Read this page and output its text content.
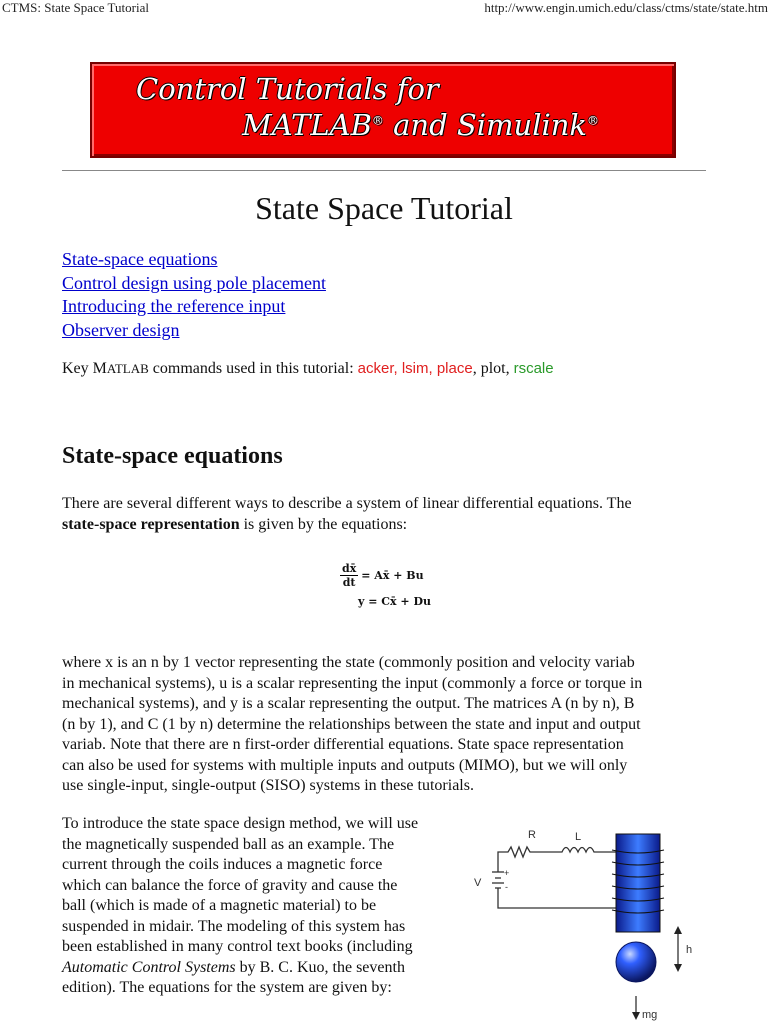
CTMS: State Space Tutorial	http://www.engin.umich.edu/class/ctms/state/state.htm
Control Tutorials for
MATLAB® and Simulink®
State Space Tutorial
State-space equations
Control design using pole placement
Introducing the reference input
Observer design
Key MATLAB commands used in this tutorial: acker, lsim, place, plot, rscale
State-space equations
There are several different ways to describe a system of linear differential equations. The
state-space representation is given by the equations:
$\frac{dx̄}{dt}$ = Ax̄ + Bu
y = Cx̄ + Du
where x is an n by 1 vector representing the state (commonly position and velocity variab
in mechanical systems), u is a scalar representing the input (commonly a force or torque in
mechanical systems), and y is a scalar representing the output. The matrices A (n by n), B
(n by 1), and C (1 by n) determine the relationships between the state and input and output
variab. Note that there are n first-order differential equations. State space representation
can also be used for systems with multiple inputs and outputs (MIMO), but we will only
use single-input, single-output (SISO) systems in these tutorials.
To introduce the state space design method, we will use
the magnetically suspended ball as an example. The
current through the coils induces a magnetic force
which can balance the force of gravity and cause the
ball (which is made of a magnetic material) to be
suspended in midair. The modeling of this system has
been established in many control text books (including
Automatic Control Systems by B. C. Kuo, the seventh
edition). The equations for the system are given by:
R	L
V
+
-
h
mg
